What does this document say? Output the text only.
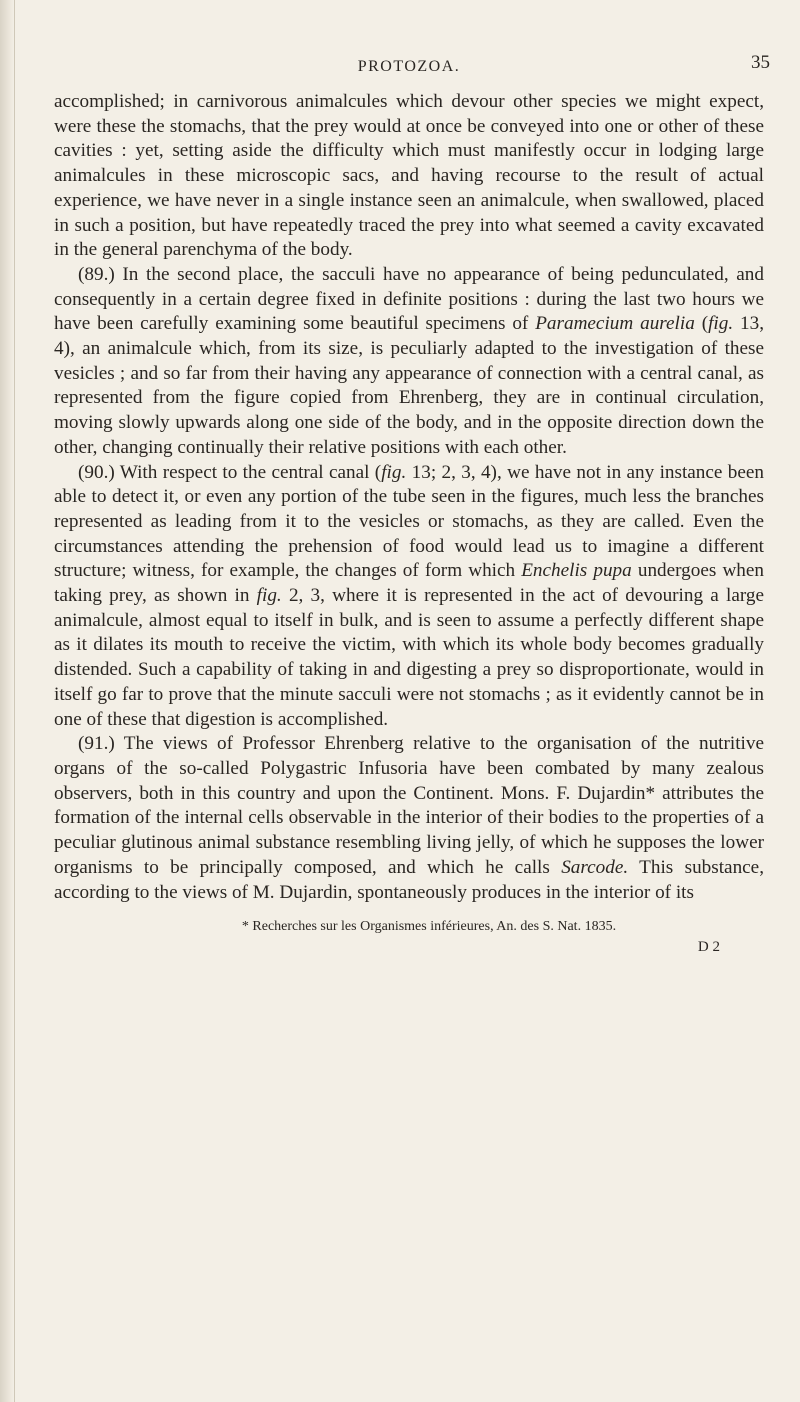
PROTOZOA.	35

accomplished; in carnivorous animalcules which devour other species we might expect, were these the stomachs, that the prey would at once be conveyed into one or other of these cavities : yet, setting aside the difficulty which must manifestly occur in lodging large animalcules in these microscopic sacs, and having recourse to the result of actual experience, we have never in a single instance seen an animalcule, when swallowed, placed in such a position, but have repeatedly traced the prey into what seemed a cavity excavated in the general parenchyma of the body.

(89.) In the second place, the sacculi have no appearance of being pedunculated, and consequently in a certain degree fixed in definite positions : during the last two hours we have been carefully examining some beautiful specimens of Paramecium aurelia (fig. 13, 4), an animalcule which, from its size, is peculiarly adapted to the investigation of these vesicles ; and so far from their having any appearance of connection with a central canal, as represented from the figure copied from Ehrenberg, they are in continual circulation, moving slowly upwards along one side of the body, and in the opposite direction down the other, changing continually their relative positions with each other.

(90.) With respect to the central canal (fig. 13; 2, 3, 4), we have not in any instance been able to detect it, or even any portion of the tube seen in the figures, much less the branches represented as leading from it to the vesicles or stomachs, as they are called. Even the circumstances attending the prehension of food would lead us to imagine a different structure; witness, for example, the changes of form which Enchelis pupa undergoes when taking prey, as shown in fig. 2, 3, where it is represented in the act of devouring a large animalcule, almost equal to itself in bulk, and is seen to assume a perfectly different shape as it dilates its mouth to receive the victim, with which its whole body becomes gradually distended. Such a capability of taking in and digesting a prey so disproportionate, would in itself go far to prove that the minute sacculi were not stomachs ; as it evidently cannot be in one of these that digestion is accomplished.

(91.) The views of Professor Ehrenberg relative to the organisation of the nutritive organs of the so-called Polygastric Infusoria have been combated by many zealous observers, both in this country and upon the Continent. Mons. F. Dujardin* attributes the formation of the internal cells observable in the interior of their bodies to the properties of a peculiar glutinous animal substance resembling living jelly, of which he supposes the lower organisms to be principally composed, and which he calls Sarcode. This substance, according to the views of M. Dujardin, spontaneously produces in the interior of its

* Recherches sur les Organismes inférieures, An. des S. Nat. 1835.
D 2
